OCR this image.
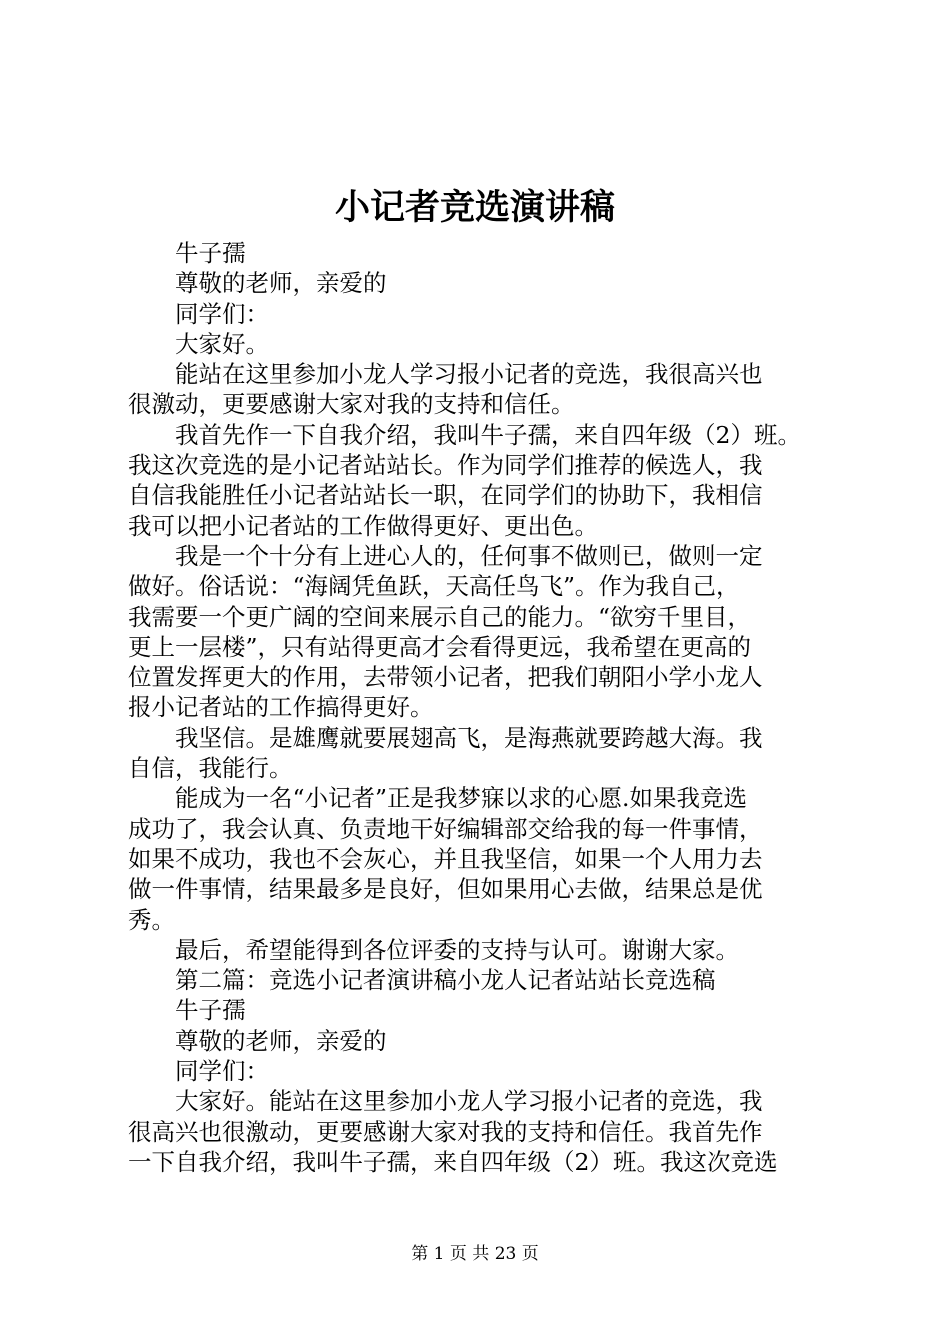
小记者竞选演讲稿

　　牛子孺

　　尊敬的老师，亲爱的

　　同学们：

　　大家好。

　　能站在这里参加小龙人学习报小记者的竞选，我很高兴也

很激动，更要感谢大家对我的支持和信任。

　　我首先作一下自我介绍，我叫牛子孺，来自四年级（2）班。

我这次竞选的是小记者站站长。作为同学们推荐的候选人，我

自信我能胜任小记者站站长一职，在同学们的协助下，我相信

我可以把小记者站的工作做得更好、更出色。

　　我是一个十分有上进心人的，任何事不做则已，做则一定

做好。俗话说：“海阔凭鱼跃，天高任鸟飞”。作为我自己，

我需要一个更广阔的空间来展示自己的能力。“欲穷千里目，

更上一层楼”，只有站得更高才会看得更远，我希望在更高的

位置发挥更大的作用，去带领小记者，把我们朝阳小学小龙人

报小记者站的工作搞得更好。

　　我坚信。是雄鹰就要展翅高飞，是海燕就要跨越大海。我

自信，我能行。

　　能成为一名“小记者”正是我梦寐以求的心愿.如果我竞选

成功了，我会认真、负责地干好编辑部交给我的每一件事情，

如果不成功，我也不会灰心，并且我坚信，如果一个人用力去

做一件事情，结果最多是良好，但如果用心去做，结果总是优

秀。

　　最后，希望能得到各位评委的支持与认可。谢谢大家。

　　第二篇：竞选小记者演讲稿小龙人记者站站长竞选稿

　　牛子孺

　　尊敬的老师，亲爱的

　　同学们：

　　大家好。能站在这里参加小龙人学习报小记者的竞选，我

很高兴也很激动，更要感谢大家对我的支持和信任。我首先作

一下自我介绍，我叫牛子孺，来自四年级（2）班。我这次竞选

第 1 页 共 23 页
